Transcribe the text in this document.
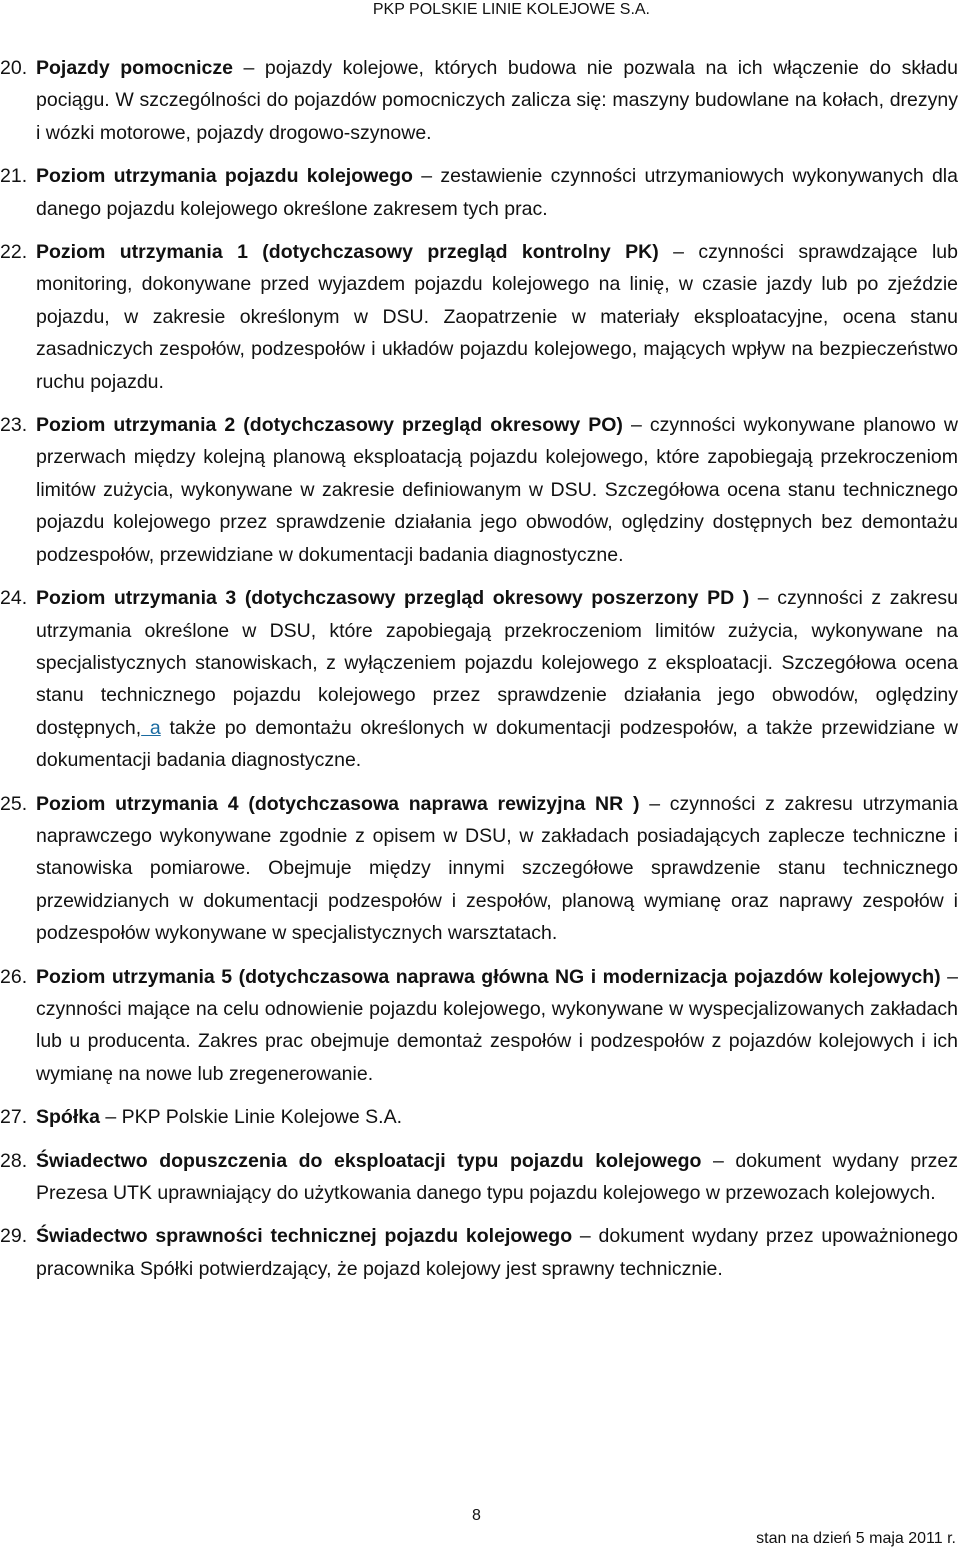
PKP POLSKIE LINIE KOLEJOWE S.A.
20. Pojazdy pomocnicze – pojazdy kolejowe, których budowa nie pozwala na ich włączenie do składu pociągu. W szczególności do pojazdów pomocniczych zalicza się: maszyny budowlane na kołach, drezyny i wózki motorowe, pojazdy drogowo-szynowe.
21. Poziom utrzymania pojazdu kolejowego – zestawienie czynności utrzymaniowych wykonywanych dla danego pojazdu kolejowego określone zakresem tych prac.
22. Poziom utrzymania 1 (dotychczasowy przegląd kontrolny PK) – czynności sprawdzające lub monitoring, dokonywane przed wyjazdem pojazdu kolejowego na linię, w czasie jazdy lub po zjeździe pojazdu, w zakresie określonym w DSU. Zaopatrzenie w materiały eksploatacyjne, ocena stanu zasadniczych zespołów, podzespołów i układów pojazdu kolejowego, mających wpływ na bezpieczeństwo ruchu pojazdu.
23. Poziom utrzymania 2 (dotychczasowy przegląd okresowy PO) – czynności wykonywane planowo w przerwach między kolejną planową eksploatacją pojazdu kolejowego, które zapobiegają przekroczeniom limitów zużycia, wykonywane w zakresie definiowanym w DSU. Szczegółowa ocena stanu technicznego pojazdu kolejowego przez sprawdzenie działania jego obwodów, oględziny dostępnych bez demontażu podzespołów, przewidziane w dokumentacji badania diagnostyczne.
24. Poziom utrzymania 3 (dotychczasowy przegląd okresowy poszerzony PD ) – czynności z zakresu utrzymania określone w DSU, które zapobiegają przekroczeniom limitów zużycia, wykonywane na specjalistycznych stanowiskach, z wyłączeniem pojazdu kolejowego z eksploatacji. Szczegółowa ocena stanu technicznego pojazdu kolejowego przez sprawdzenie działania jego obwodów, oględziny dostępnych, a także po demontażu określonych w dokumentacji podzespołów, a także przewidziane w dokumentacji badania diagnostyczne.
25. Poziom utrzymania 4 (dotychczasowa naprawa rewizyjna NR ) – czynności z zakresu utrzymania naprawczego wykonywane zgodnie z opisem w DSU, w zakładach posiadających zaplecze techniczne i stanowiska pomiarowe. Obejmuje między innymi szczegółowe sprawdzenie stanu technicznego przewidzianych w dokumentacji podzespołów i zespołów, planową wymianę oraz naprawy zespołów i podzespołów wykonywane w specjalistycznych warsztatach.
26. Poziom utrzymania 5 (dotychczasowa naprawa główna NG i modernizacja pojazdów kolejowych) – czynności mające na celu odnowienie pojazdu kolejowego, wykonywane w wyspecjalizowanych zakładach lub u producenta. Zakres prac obejmuje demontaż zespołów i podzespołów z pojazdów kolejowych i ich wymianę na nowe lub zregenerowanie.
27. Spółka – PKP Polskie Linie Kolejowe S.A.
28. Świadectwo dopuszczenia do eksploatacji typu pojazdu kolejowego – dokument wydany przez Prezesa UTK uprawniający do użytkowania danego typu pojazdu kolejowego w przewozach kolejowych.
29. Świadectwo sprawności technicznej pojazdu kolejowego – dokument wydany przez upoważnionego pracownika Spółki potwierdzający, że pojazd kolejowy jest sprawny technicznie.
8
stan na dzień 5 maja 2011 r.
